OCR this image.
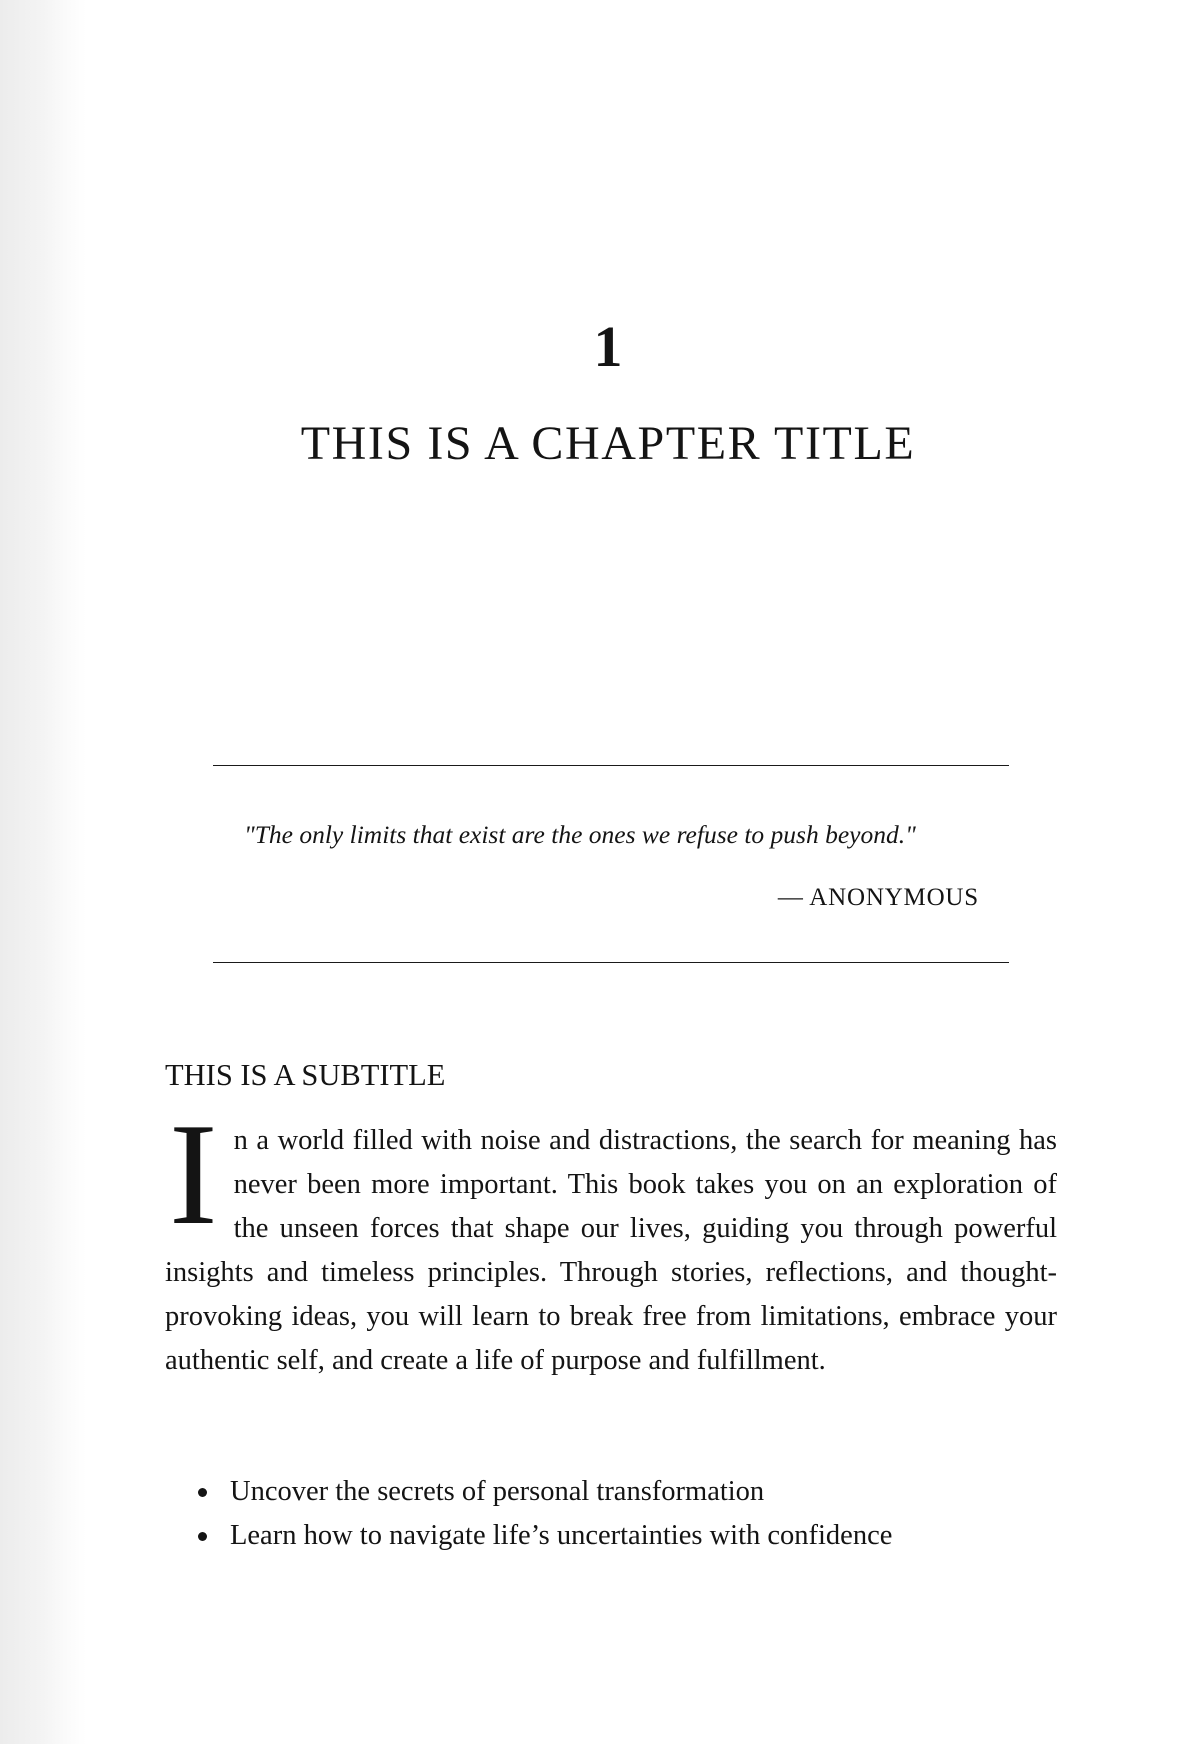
1
THIS IS A CHAPTER TITLE
"The only limits that exist are the ones we refuse to push beyond."
— ANONYMOUS
THIS IS A SUBTITLE
In a world filled with noise and distractions, the search for meaning has never been more important. This book takes you on an exploration of the unseen forces that shape our lives, guiding you through powerful insights and timeless principles. Through stories, reflections, and thought-provoking ideas, you will learn to break free from limitations, embrace your authentic self, and create a life of purpose and fulfillment.
Uncover the secrets of personal transformation
Learn how to navigate life’s uncertainties with confidence
